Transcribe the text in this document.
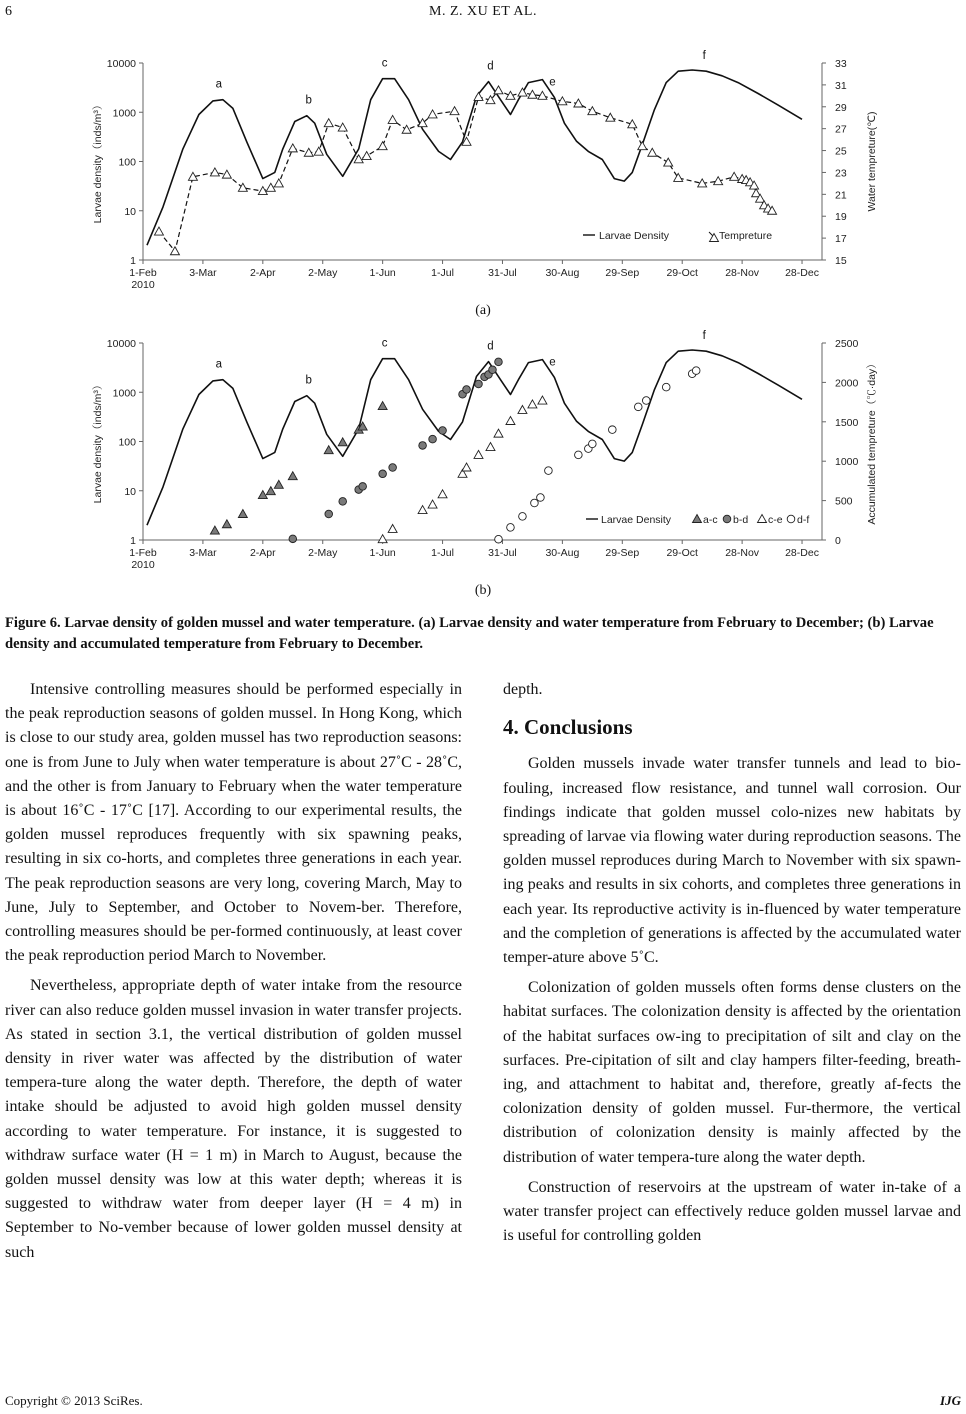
6	M. Z. XU ET AL.
1
10
100
1000
10000
15
17
19
21
23
25
27
29
31
33
1-Feb
2010
3-Mar	2-Apr	2-May	1-Jun	1-Jul	31-Jul	30-Aug 29-Sep	29-Oct	28-Nov 28-Dec
Larvae density（inds/m³）	Water tempreture(℃)
a
b
c	d
e
f
Larvae Density	Tempreture
(a)
1
10
100
1000
10000
0
500
1000
1500
2000
2500
1-Feb
2010
3-Mar	2-Apr	2-May	1-Jun	1-Jul	31-Jul	30-Aug 29-Sep	29-Oct	28-Nov 28-Dec
Larvae density（inds/m³）	Accumulated tempreture（℃·day）
a
b
c	d
e
f
Larvae Density	a-c b-d c-e d-f
(b)
Figure 6. Larvae density of golden mussel and water temperature. (a) Larvae density and water temperature from February to December; (b) Larvae density and accumulated temperature from February to December.

Intensive controlling measures should be performed especially in the peak reproduction seasons of golden mussel. In Hong Kong, which is close to our study area, golden mussel has two reproduction seasons: one is from June to July when water temperature is about 27˚C - 28˚C, and the other is from January to February when the water temperature is about 16˚C - 17˚C [17]. According to our experimental results, the golden mussel reproduces frequently with six spawning peaks, resulting in six co-horts, and completes three generations in each year. The peak reproduction seasons are very long, covering March, May to June, July to September, and October to Novem-ber. Therefore, controlling measures should be per-formed continuously, at least cover the peak reproduction period March to November.

Nevertheless, appropriate depth of water intake from the resource river can also reduce golden mussel invasion in water transfer projects. As stated in section 3.1, the vertical distribution of golden mussel density in river water was affected by the distribution of water tempera-ture along the water depth. Therefore, the depth of water intake should be adjusted to avoid high golden mussel density according to water temperature. For instance, it is suggested to withdraw surface water (H = 1 m) in March to August, because the golden mussel density was low at this water depth; whereas it is suggested to withdraw water from deeper layer (H = 4 m) in September to No-vember because of lower golden mussel density at such

depth.

4. Conclusions

Golden mussels invade water transfer tunnels and lead to bio-fouling, increased flow resistance, and tunnel wall corrosion. Our findings indicate that golden mussel colo-nizes new habitats by spreading of larvae via flowing water during reproduction seasons. The golden mussel reproduces during March to November with six spawn-ing peaks and results in six cohorts, and completes three generations in each year. Its reproductive activity is in-fluenced by water temperature and the completion of generations is affected by the accumulated water temper-ature above 5˚C.

Colonization of golden mussels often forms dense clusters on the habitat surfaces. The colonization density is affected by the orientation of the habitat surfaces ow-ing to precipitation of silt and clay on the surfaces. Pre-cipitation of silt and clay hampers filter-feeding, breath-ing, and attachment to habitat and, therefore, greatly af-fects the colonization density of golden mussel. Fur-thermore, the vertical distribution of colonization density is mainly affected by the distribution of water tempera-ture along the water depth.

Construction of reservoirs at the upstream of water in-take of a water transfer project can effectively reduce golden mussel larvae and is useful for controlling golden

Copyright © 2013 SciRes.	IJG
